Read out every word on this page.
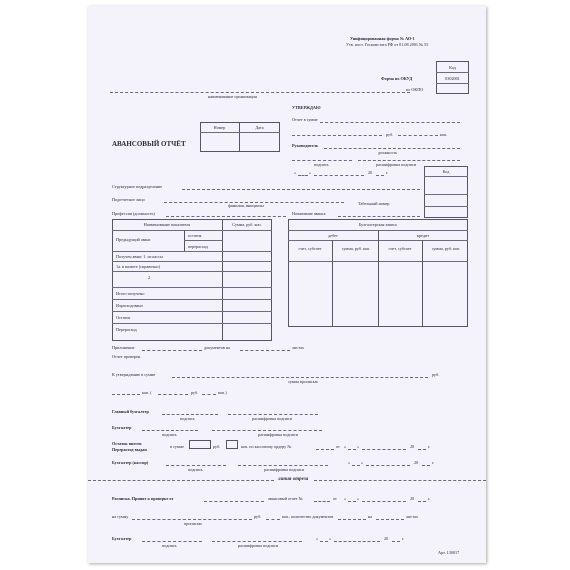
Унифицированная форма № АО-1
Утв. пост. Госкомстата РФ от 01.08.2001 № 55
Код
0302001
Форма по ОКУД
по ОКПО
наименование организации
УТВЕРЖДАЮ
Отчет в сумме
руб.	коп.
Руководитель
должность
подпись	расшифровка подписи
«	»	20	г.
Номер	Дата
АВАНСОВЫЙ ОТЧЁТ
Код
Структурное подразделение
Подотчетное лицо
фамилия, инициалы	Табельный номер
Профессия (должность)	Назначение аванса
Наименование показателя	Сумма, руб. коп.
Предыдущий аванс
остаток
перерасход
Получен аванс 1. из кассы
1а. в валюте (справочно)
2
Итого получено
Израсходовано
Остаток
Перерасход
Бухгалтерская запись
дебет	кредит
счет, субсчет	сумма, руб. коп.	счет, субсчет	сумма, руб. коп.
Приложение	документов на	листах
Отчет проверен
К утверждению в сумме	руб.
сумма прописью
коп. (	руб.	коп.)
Главный бухгалтер
подпись	расшифровка подписи
Бухгалтер
подпись	расшифровка подписи
Остаток внесен
Перерасход выдан
в сумме	руб.	коп. по кассовому ордеру №	от «	»	20	г.
Бухгалтер (кассир)
подпись	расшифровка подписи
«	»	20	г.
линия отреза
Расписка. Принят к проверке от	авансовый отчет №	от «	»	20	г.
на сумму
прописью
руб.	коп., количество документов	на	листах
Бухгалтер
подпись	расшифровка подписи
«	»	20	г.
Арт. 130017
